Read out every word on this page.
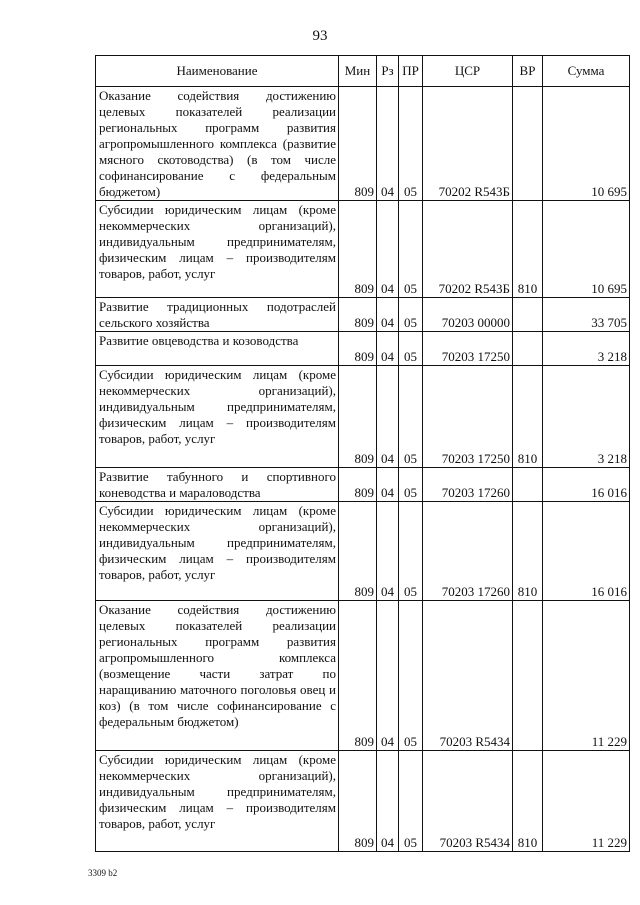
93
Наименование	Мин	Рз	ПР	ЦСР	ВР	Сумма
Оказание содействия достижению целевых показателей реализации региональных программ развития агропромышленного комплекса (развитие мясного скотоводства) (в том числе софинансирование с федеральным бюджетом)	809	04	05	70202 R543Б		10 695
Субсидии юридическим лицам (кроме некоммерческих организаций), индивидуальным предпринимателям, физическим лицам – производителям товаров, работ, услуг	809	04	05	70202 R543Б	810	10 695
Развитие традиционных подотраслей сельского хозяйства	809	04	05	70203 00000		33 705
Развитие овцеводства и козоводства	809	04	05	70203 17250		3 218
Субсидии юридическим лицам (кроме некоммерческих организаций), индивидуальным предпринимателям, физическим лицам – производителям товаров, работ, услуг	809	04	05	70203 17250	810	3 218
Развитие табунного и спортивного коневодства и мараловодства	809	04	05	70203 17260		16 016
Субсидии юридическим лицам (кроме некоммерческих организаций), индивидуальным предпринимателям, физическим лицам – производителям товаров, работ, услуг	809	04	05	70203 17260	810	16 016
Оказание содействия достижению целевых показателей реализации региональных программ развития агропромышленного комплекса (возмещение части затрат по наращиванию маточного поголовья овец и коз) (в том числе софинансирование с федеральным бюджетом)	809	04	05	70203 R5434		11 229
Субсидии юридическим лицам (кроме некоммерческих организаций), индивидуальным предпринимателям, физическим лицам – производителям товаров, работ, услуг	809	04	05	70203 R5434	810	11 229
3309 b2
